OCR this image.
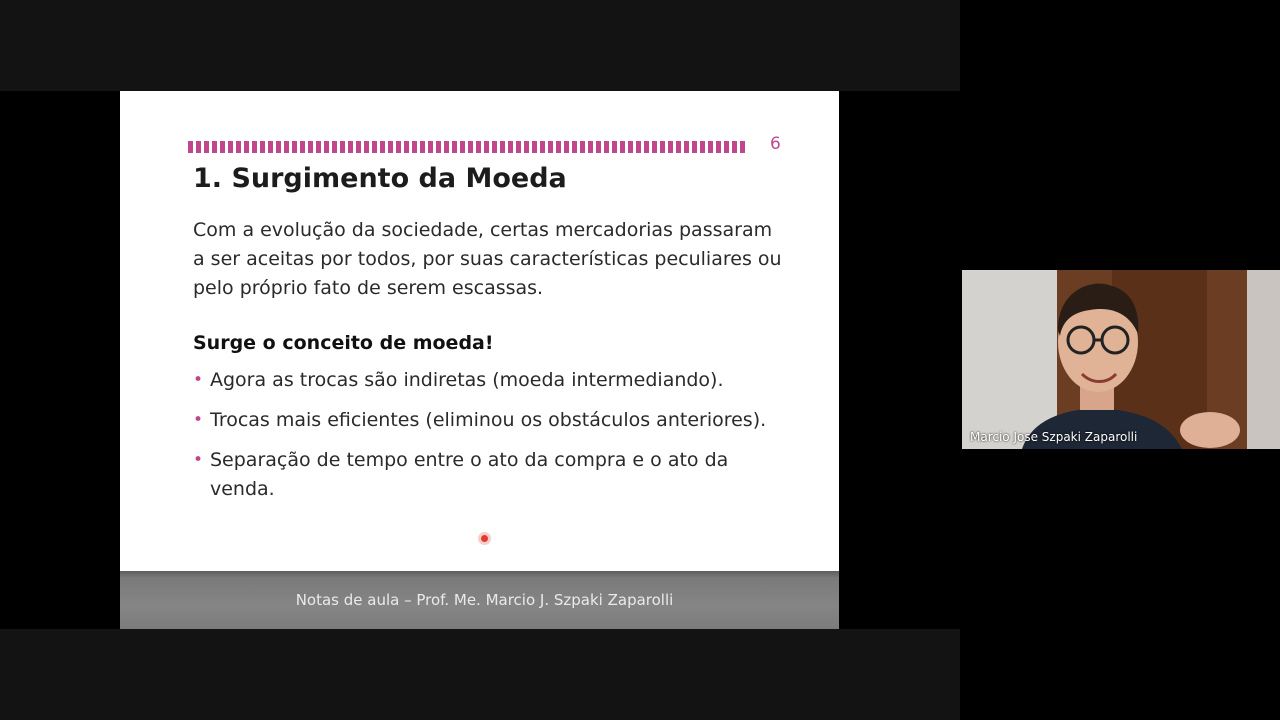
6
1. Surgimento da Moeda

Com a evolução da sociedade, certas mercadorias passaram a ser aceitas por todos, por suas características peculiares ou pelo próprio fato de serem escassas.

Surge o conceito de moeda!

• Agora as trocas são indiretas (moeda intermediando).
• Trocas mais eficientes (eliminou os obstáculos anteriores).
• Separação de tempo entre o ato da compra e o ato da venda.
Notas de aula – Prof. Me. Marcio J. Szpaki Zaparolli
Marcio Jose Szpaki Zaparolli
